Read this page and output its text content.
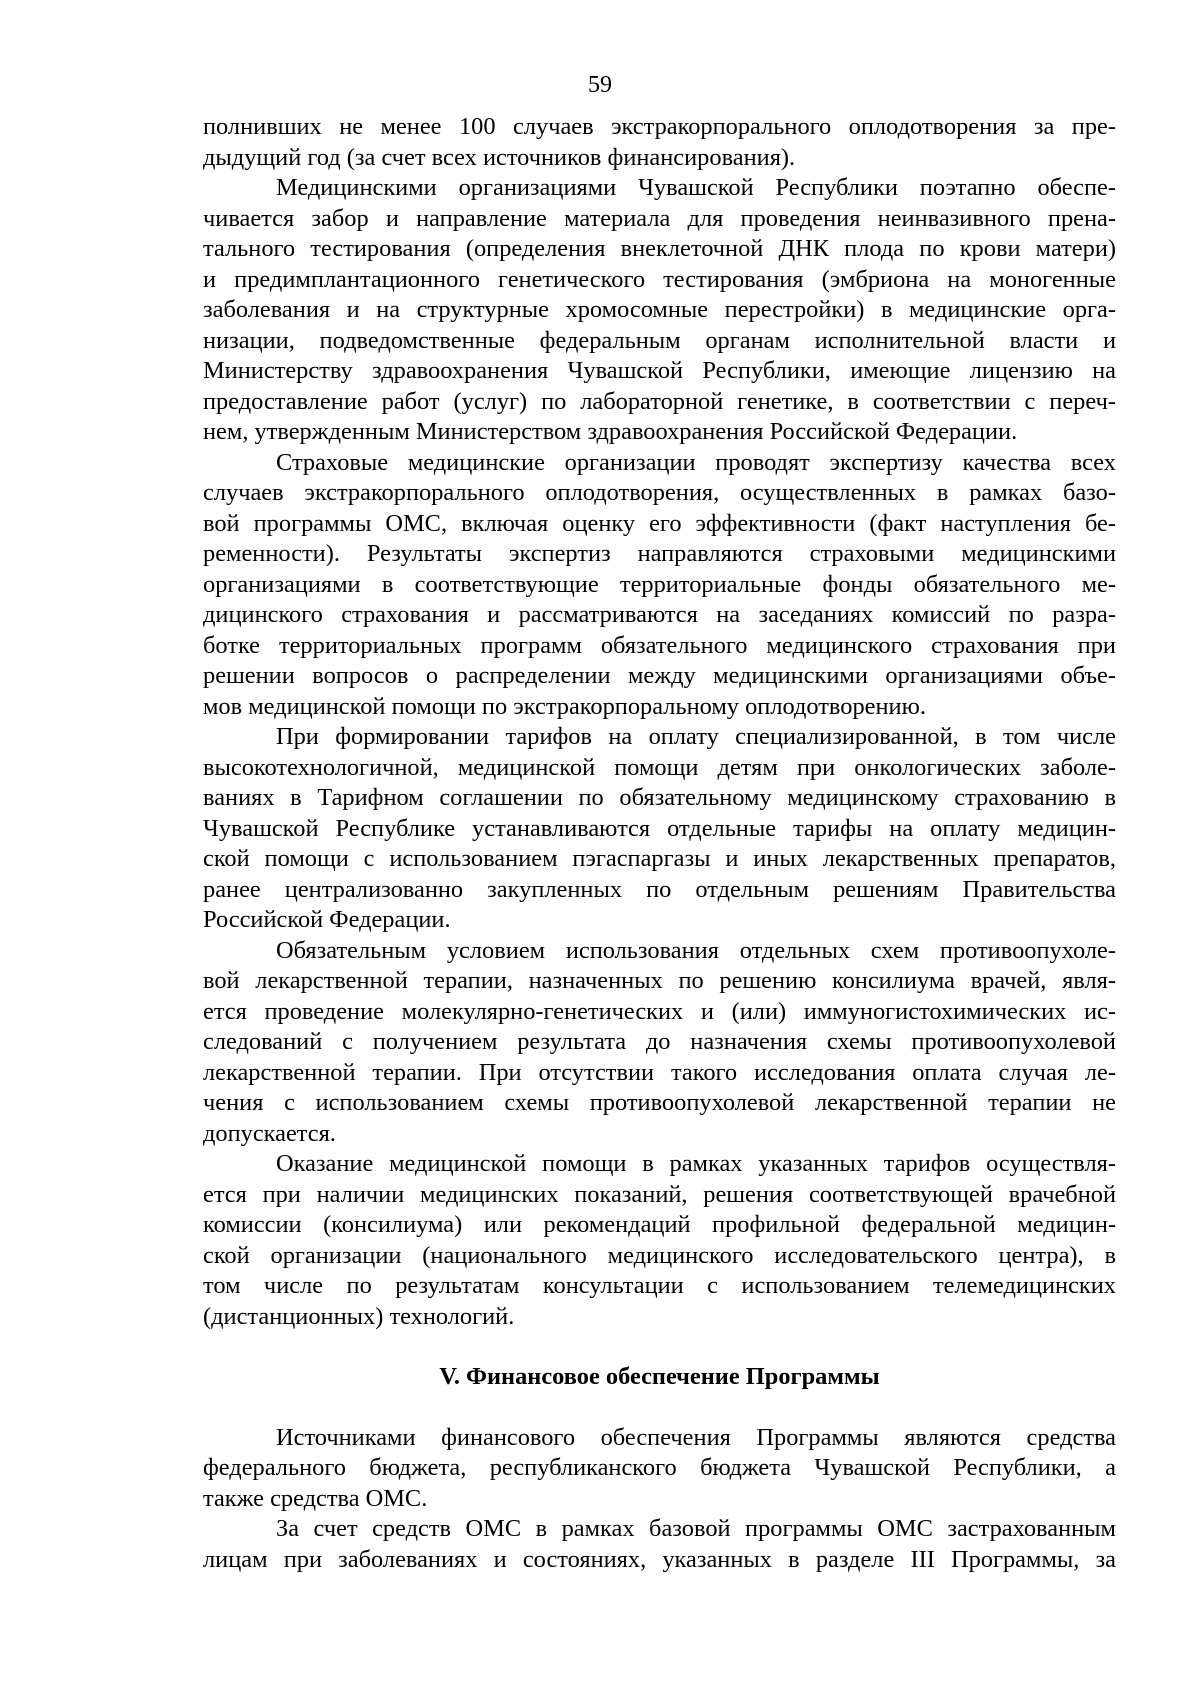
59

полнивших не менее 100 случаев экстракорпорального оплодотворения за пре-
дыдущий год (за счет всех источников финансирования).

Медицинскими организациями Чувашской Республики поэтапно обеспе-
чивается забор и направление материала для проведения неинвазивного прена-
тального тестирования (определения внеклеточной ДНК плода по крови матери)
и предимплантационного генетического тестирования (эмбриона на моногенные
заболевания и на структурные хромосомные перестройки) в медицинские орга-
низации, подведомственные федеральным органам исполнительной власти и
Министерству здравоохранения Чувашской Республики, имеющие лицензию на
предоставление работ (услуг) по лабораторной генетике, в соответствии с переч-
нем, утвержденным Министерством здравоохранения Российской Федерации.

Страховые медицинские организации проводят экспертизу качества всех
случаев экстракорпорального оплодотворения, осуществленных в рамках базо-
вой программы ОМС, включая оценку его эффективности (факт наступления бе-
ременности). Результаты экспертиз направляются страховыми медицинскими
организациями в соответствующие территориальные фонды обязательного ме-
дицинского страхования и рассматриваются на заседаниях комиссий по разра-
ботке территориальных программ обязательного медицинского страхования при
решении вопросов о распределении между медицинскими организациями объе-
мов медицинской помощи по экстракорпоральному оплодотворению.

При формировании тарифов на оплату специализированной, в том числе
высокотехнологичной, медицинской помощи детям при онкологических заболе-
ваниях в Тарифном соглашении по обязательному медицинскому страхованию в
Чувашской Республике устанавливаются отдельные тарифы на оплату медицин-
ской помощи с использованием пэгаспаргазы и иных лекарственных препаратов,
ранее централизованно закупленных по отдельным решениям Правительства
Российской Федерации.

Обязательным условием использования отдельных схем противоопухоле-
вой лекарственной терапии, назначенных по решению консилиума врачей, явля-
ется проведение молекулярно-генетических и (или) иммуногистохимических ис-
следований с получением результата до назначения схемы противоопухолевой
лекарственной терапии. При отсутствии такого исследования оплата случая ле-
чения с использованием схемы противоопухолевой лекарственной терапии не
допускается.

Оказание медицинской помощи в рамках указанных тарифов осуществля-
ется при наличии медицинских показаний, решения соответствующей врачебной
комиссии (консилиума) или рекомендаций профильной федеральной медицин-
ской организации (национального медицинского исследовательского центра), в
том числе по результатам консультации с использованием телемедицинских
(дистанционных) технологий.

V. Финансовое обеспечение Программы

Источниками финансового обеспечения Программы являются средства
федерального бюджета, республиканского бюджета Чувашской Республики, а
также средства ОМС.

За счет средств ОМС в рамках базовой программы ОМС застрахованным
лицам при заболеваниях и состояниях, указанных в разделе III Программы, за
